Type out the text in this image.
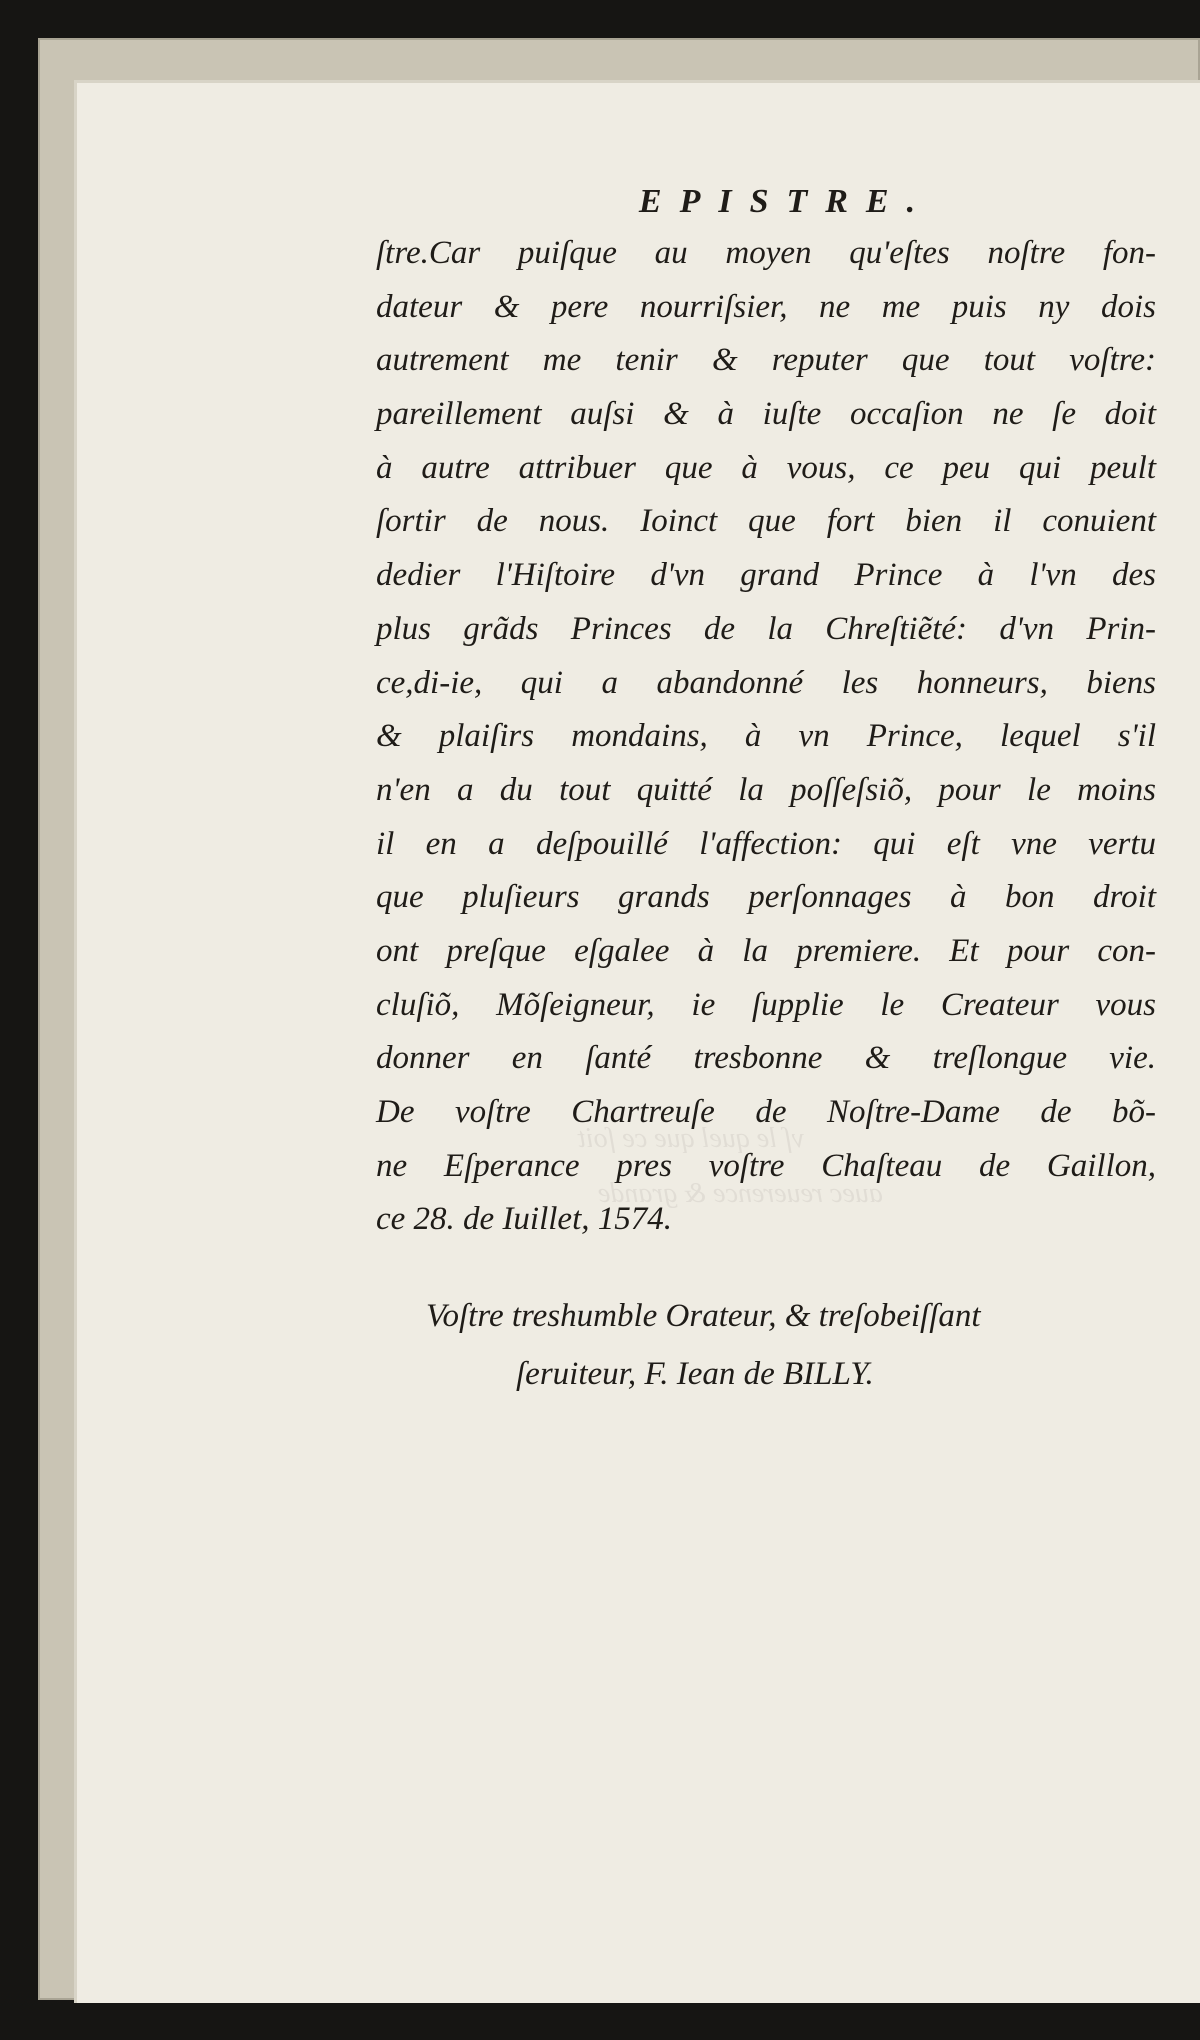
vſ le quel que ce ſoit
auec reuerence & grande
EPISTRE.
ſtre.Car puiſque au moyen qu'eſtes noſtre fon-
dateur & pere nourriſsier, ne me puis ny dois
autrement me tenir & reputer que tout voſtre:
pareillement auſsi & à iuſte occaſion ne ſe doit
à autre attribuer que à vous, ce peu qui peult
ſortir de nous. Ioinct que fort bien il conuient
dedier l'Hiſtoire d'vn grand Prince à l'vn des
plus grãds Princes de la Chreſtiẽté: d'vn Prin-
ce,di-ie, qui a abandonné les honneurs, biens
& plaiſirs mondains, à vn Prince, lequel s'il
n'en a du tout quitté la poſſeſsiõ, pour le moins
il en a deſpouillé l'affection: qui eſt vne vertu
que pluſieurs grands perſonnages à bon droit
ont preſque eſgalee à la premiere. Et pour con-
cluſiõ, Mõſeigneur, ie ſupplie le Createur vous
donner en ſanté tresbonne & treſlongue vie.
De voſtre Chartreuſe de Noſtre-Dame de bõ-
ne Eſperance pres voſtre Chaſteau de Gaillon,
ce 28. de Iuillet, 1574.
Voſtre treshumble Orateur, & treſobeiſſant
ſeruiteur, F. Iean de BILLY.
